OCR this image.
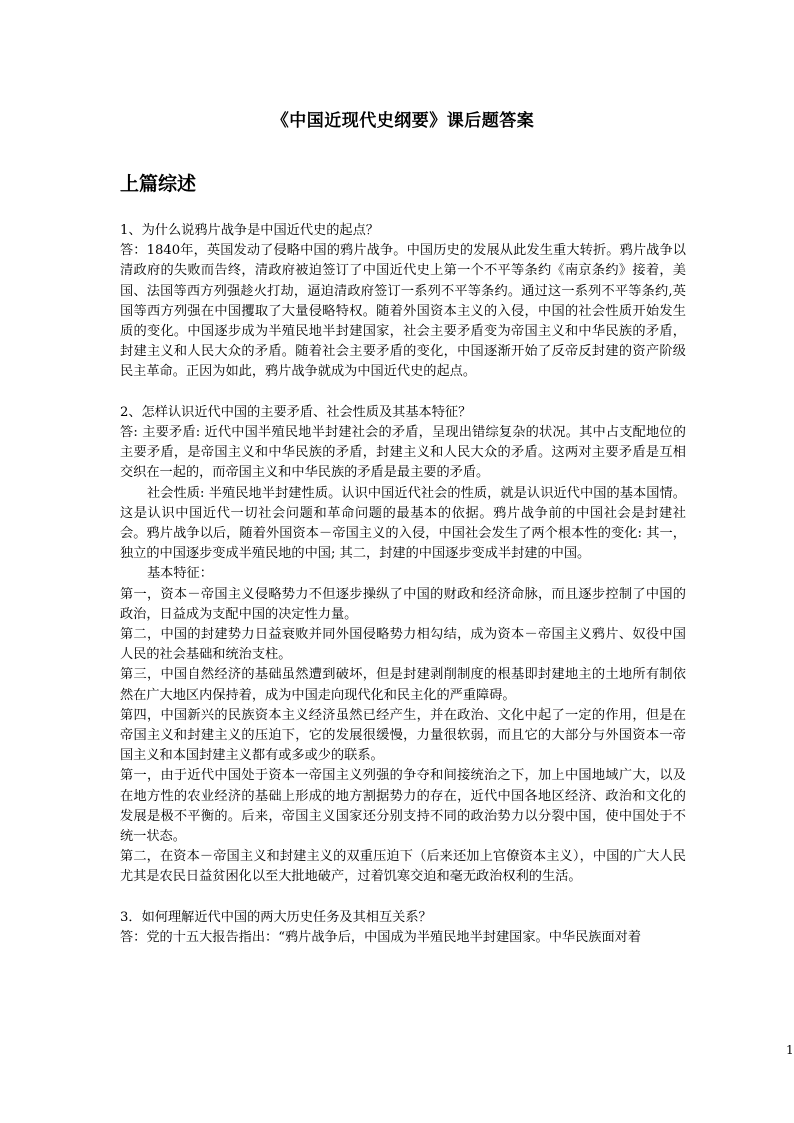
《中国近现代史纲要》课后题答案
上篇综述

1、为什么说鸦片战争是中国近代史的起点？

答：1840年，英国发动了侵略中国的鸦片战争。中国历史的发展从此发生重大转折。鸦片战争以清政府的失败而告终，清政府被迫签订了中国近代史上第一个不平等条约《南京条约》接着，美国、法国等西方列强趁火打劫，逼迫清政府签订一系列不平等条约。通过这一系列不平等条约,英国等西方列强在中国攫取了大量侵略特权。随着外国资本主义的入侵，中国的社会性质开始发生质的变化。中国逐步成为半殖民地半封建国家，社会主要矛盾变为帝国主义和中华民族的矛盾，封建主义和人民大众的矛盾。随着社会主要矛盾的变化，中国逐渐开始了反帝反封建的资产阶级民主革命。正因为如此，鸦片战争就成为中国近代史的起点。

2、怎样认识近代中国的主要矛盾、社会性质及其基本特征？

答: 主要矛盾: 近代中国半殖民地半封建社会的矛盾，呈现出错综复杂的状况。其中占支配地位的主要矛盾，是帝国主义和中华民族的矛盾，封建主义和人民大众的矛盾。这两对主要矛盾是互相交织在一起的，而帝国主义和中华民族的矛盾是最主要的矛盾。

社会性质: 半殖民地半封建性质。认识中国近代社会的性质，就是认识近代中国的基本国情。这是认识中国近代一切社会问题和革命问题的最基本的依据。鸦片战争前的中国社会是封建社会。鸦片战争以后，随着外国资本－帝国主义的入侵，中国社会发生了两个根本性的变化: 其一，独立的中国逐步变成半殖民地的中国; 其二，封建的中国逐步变成半封建的中国。

基本特征：

第一，资本－帝国主义侵略势力不但逐步操纵了中国的财政和经济命脉，而且逐步控制了中国的政治，日益成为支配中国的决定性力量。

第二，中国的封建势力日益衰败并同外国侵略势力相勾结，成为资本－帝国主义鸦片、奴役中国人民的社会基础和统治支柱。

第三，中国自然经济的基础虽然遭到破坏，但是封建剥削制度的根基即封建地主的土地所有制依然在广大地区内保持着，成为中国走向现代化和民主化的严重障碍。

第四，中国新兴的民族资本主义经济虽然已经产生，并在政治、文化中起了一定的作用，但是在帝国主义和封建主义的压迫下，它的发展很缓慢，力量很软弱，而且它的大部分与外国资本一帝国主义和本国封建主义都有或多或少的联系。

第一，由于近代中国处于资本一帝国主义列强的争夺和间接统治之下，加上中国地域广大，以及在地方性的农业经济的基础上形成的地方割据势力的存在，近代中国各地区经济、政治和文化的发展是极不平衡的。后来，帝国主义国家还分别支持不同的政治势力以分裂中国，使中国处于不统一状态。

第二，在资本－帝国主义和封建主义的双重压迫下（后来还加上官僚资本主义），中国的广大人民尤其是农民日益贫困化以至大批地破产，过着饥寒交迫和毫无政治权利的生活。

3．如何理解近代中国的两大历史任务及其相互关系？

答：党的十五大报告指出：“鸦片战争后，中国成为半殖民地半封建国家。中华民族面对着

1
